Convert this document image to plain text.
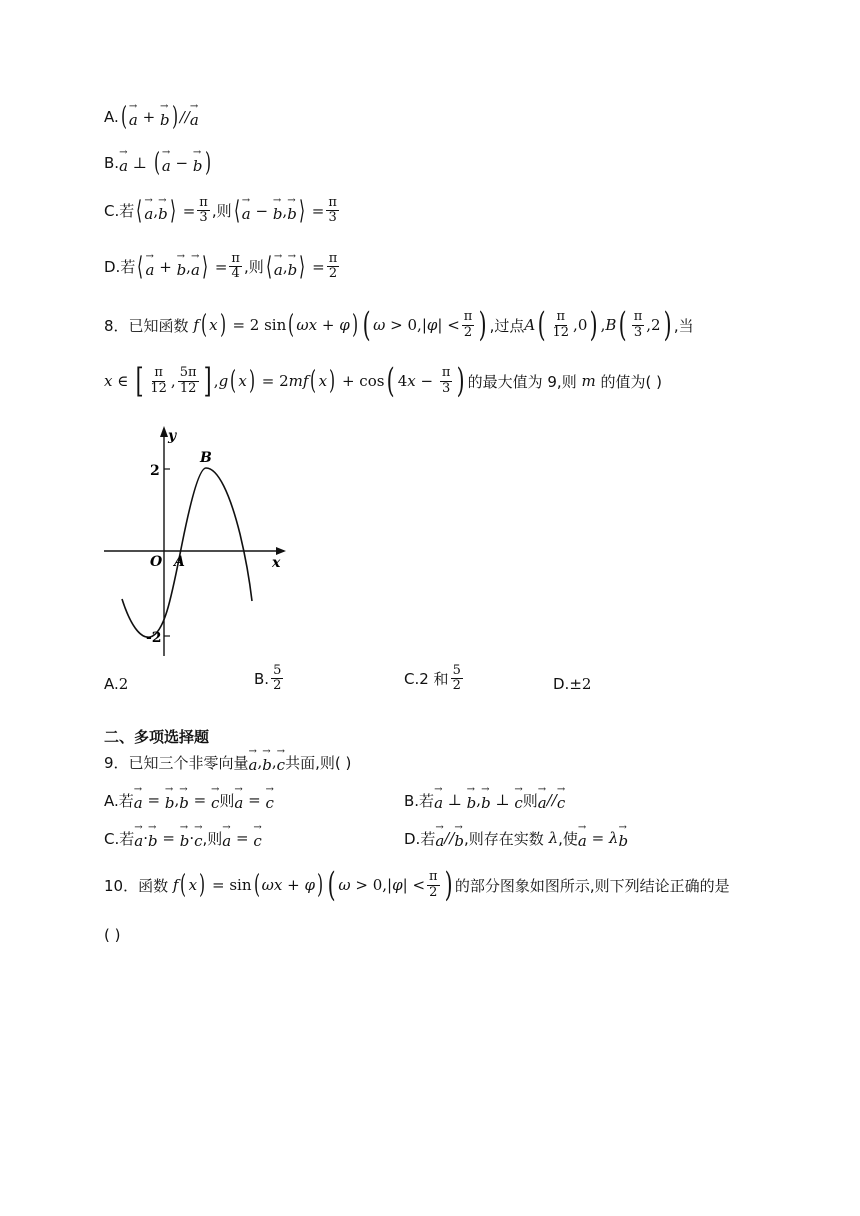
A. ( → a + → b ) // → a
B. → a ⊥ ( → a − → b )
C. 若 ⟨ → a , → b ⟩ = $\frac{\pi}{3}$ ,则 ⟨ → a − → b , → b ⟩ = $\frac{\pi}{3}$
D. 若 ⟨ → a + → b , → a ⟩ = $\frac{\pi}{4}$ ,则 ⟨ → a , → b ⟩ = $\frac{\pi}{2}$
8． 已知函数
f ( x ) = 2 sin ( ωx + φ ) ( ω > 0,| φ | < $\frac{\pi}{2}$ ) ,过点 A ( $\frac{\pi}{12} ,0$ ) , B ( $\frac{\pi}{3} ,2$ ) ,当
x ∈ [ $\frac{\pi}{12}$ , $\frac{5\pi}{12}$ ] , g ( x ) = 2 mf ( x ) + cos ( 4 $x - \frac{\pi}{3}$ ) 的最大值为 9,则
m
的值为( )
y
x
O A
B
2
-2
A. 2	B. $\frac{5}{2}$	C. 2 和 $\frac{5}{2}$	D. ±2
二、多项选择题
9．已知三个非零向量 → a , → b , → c 共面,则( )
A.若 → a = → b , → b = → c 则 → a = → c	B.若 → a ⊥ → b , → b ⊥ → c 则 → a // → c
C.若 → a · → b = → b · → c ,则 → a = → c	D.若 → a // → b ,则存在实数
λ ,使 → a = λ → b
10． 函数
f ( x ) = sin ( ωx + φ ) ( ω > 0,| φ | < $\frac{\pi}{2}$ ) 的部分图象如图所示,则下列结论正确的是
( )
